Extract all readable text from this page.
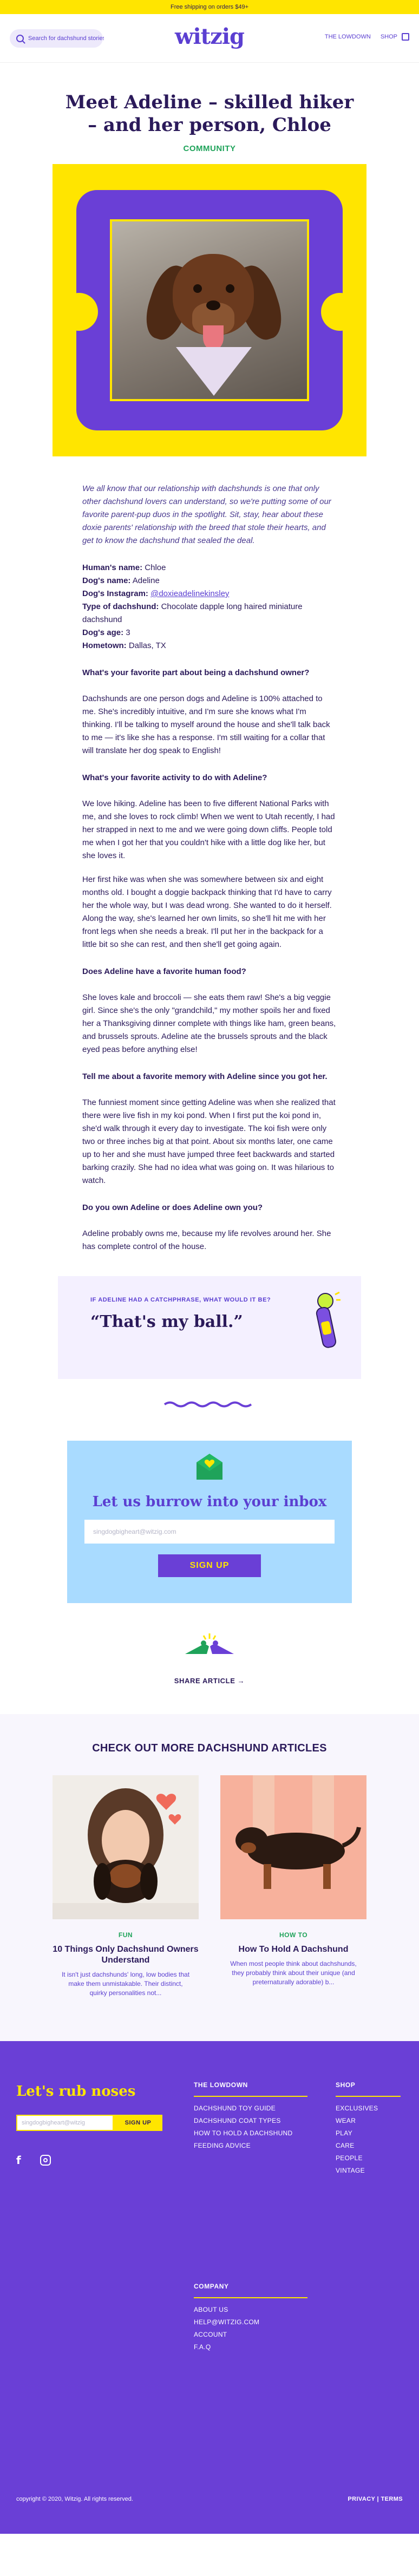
Free shipping on orders $49+
Search for dachshund stories
witzig	THE LOWDOWN SHOP
Meet Adeline – skilled hiker – and her person, Chloe
COMMUNITY

We all know that our relationship with dachshunds is one that only other dachshund lovers can understand, so we're putting some of our favorite parent-pup duos in the spotlight. Sit, stay, hear about these doxie parents' relationship with the breed that stole their hearts, and get to know the dachshund that sealed the deal.

Human's name: Chloe

Dog's name: Adeline

Dog's Instagram: @doxieadelinekinsley

Type of dachshund: Chocolate dapple long haired miniature dachshund

Dog's age: 3

Hometown: Dallas, TX

What's your favorite part about being a dachshund owner?

Dachshunds are one person dogs and Adeline is 100% attached to me. She's incredibly intuitive, and I'm sure she knows what I'm thinking. I'll be talking to myself around the house and she'll talk back to me — it's like she has a response. I'm still waiting for a collar that will translate her dog speak to English!

What's your favorite activity to do with Adeline?

We love hiking. Adeline has been to five different National Parks with me, and she loves to rock climb! When we went to Utah recently, I had her strapped in next to me and we were going down cliffs. People told me when I got her that you couldn't hike with a little dog like her, but she loves it.

Her first hike was when she was somewhere between six and eight months old. I bought a doggie backpack thinking that I'd have to carry her the whole way, but I was dead wrong. She wanted to do it herself. Along the way, she's learned her own limits, so she'll hit me with her front legs when she needs a break. I'll put her in the backpack for a little bit so she can rest, and then she'll get going again.

Does Adeline have a favorite human food?

She loves kale and broccoli — she eats them raw! She's a big veggie girl. Since she's the only "grandchild," my mother spoils her and fixed her a Thanksgiving dinner complete with things like ham, green beans, and brussels sprouts. Adeline ate the brussels sprouts and the black eyed peas before anything else!

Tell me about a favorite memory with Adeline since you got her.

The funniest moment since getting Adeline was when she realized that there were live fish in my koi pond. When I first put the koi pond in, she'd walk through it every day to investigate. The koi fish were only two or three inches big at that point. About six months later, one came up to her and she must have jumped three feet backwards and started barking crazily. She had no idea what was going on. It was hilarious to watch.

Do you own Adeline or does Adeline own you?

Adeline probably owns me, because my life revolves around her. She has complete control of the house.

IF ADELINE HAD A CATCHPHRASE, WHAT WOULD IT BE?
“That's my ball.”
Let us burrow into your inbox
singdogbigheart@witzig.com
SIGN UP
SHARE ARTICLE →
CHECK OUT MORE DACHSHUND ARTICLES
FUN
10 Things Only Dachshund Owners Understand
It isn't just dachshunds' long, low bodies that make them unmistakable. Their distinct, quirky personalities not...
HOW TO
How To Hold A Dachshund
When most people think about dachshunds, they probably think about their unique (and preternaturally adorable) b...
Let's rub noses
singdogbigheart@witzig
SIGN UP
f
THE LOWDOWN
DACHSHUND TOY GUIDE
DACHSHUND COAT TYPES
HOW TO HOLD A DACHSHUND
FEEDING ADVICE
SHOP
EXCLUSIVES
WEAR
PLAY
CARE
PEOPLE
VINTAGE
COMPANY
ABOUT US
HELP@WITZIG.COM
ACCOUNT
F.A.Q
copyright © 2020, Witzig. All rights reserved.	PRIVACY | TERMS
